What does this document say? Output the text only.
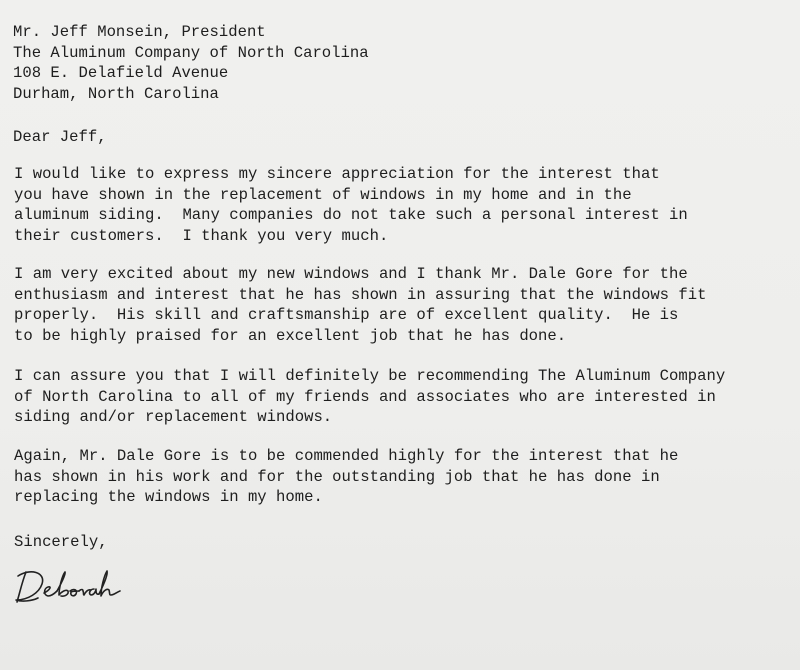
Mr. Jeff Monsein, President
The Aluminum Company of North Carolina
108 E. Delafield Avenue
Durham, North Carolina
Dear Jeff,
I would like to express my sincere appreciation for the interest that
you have shown in the replacement of windows in my home and in the
aluminum siding.  Many companies do not take such a personal interest in
their customers.  I thank you very much.
I am very excited about my new windows and I thank Mr. Dale Gore for the
enthusiasm and interest that he has shown in assuring that the windows fit
properly.  His skill and craftsmanship are of excellent quality.  He is
to be highly praised for an excellent job that he has done.
I can assure you that I will definitely be recommending The Aluminum Company
of North Carolina to all of my friends and associates who are interested in
siding and/or replacement windows.
Again, Mr. Dale Gore is to be commended highly for the interest that he
has shown in his work and for the outstanding job that he has done in
replacing the windows in my home.
Sincerely,
